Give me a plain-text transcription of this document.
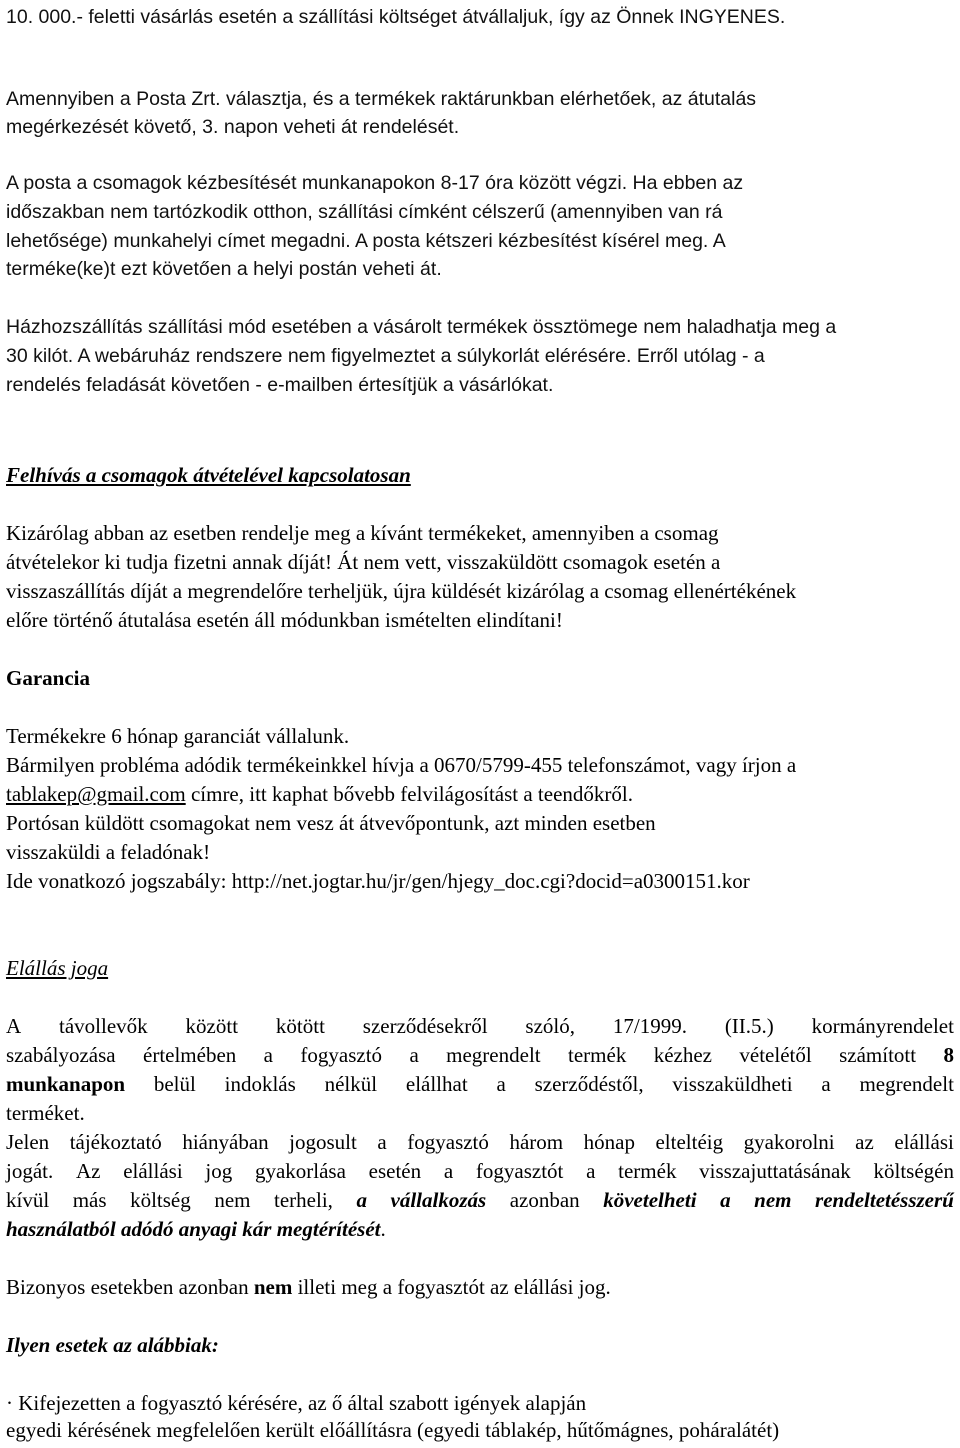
10. 000.- feletti vásárlás esetén a szállítási költséget átvállaljuk, így az Önnek INGYENES.
Amennyiben a Posta Zrt. választja, és a termékek raktárunkban elérhetőek, az átutalás
megérkezését követő, 3. napon veheti át rendelését.
A posta a csomagok kézbesítését munkanapokon 8-17 óra között végzi. Ha ebben az
időszakban nem tartózkodik otthon, szállítási címként célszerű (amennyiben van rá
lehetősége) munkahelyi címet megadni. A posta kétszeri kézbesítést kísérel meg. A
terméke(ke)t ezt követően a helyi postán veheti át.
Házhozszállítás szállítási mód esetében a vásárolt termékek össztömege nem haladhatja meg a
30 kilót. A webáruház rendszere nem figyelmeztet a súlykorlát elérésére. Erről utólag - a
rendelés feladását követően - e-mailben értesítjük a vásárlókat.
Felhívás a csomagok átvételével kapcsolatosan
Kizárólag abban az esetben rendelje meg a kívánt termékeket, amennyiben a csomag
átvételekor ki tudja fizetni annak díját! Át nem vett, visszaküldött csomagok esetén a
visszaszállítás díját a megrendelőre terheljük, újra küldését kizárólag a csomag ellenértékének
előre történő átutalása esetén áll módunkban ismételten elindítani!
Garancia
Termékekre 6 hónap garanciát vállalunk.
Bármilyen probléma adódik termékeinkkel hívja a 0670/5799-455 telefonszámot, vagy írjon a
tablakep@gmail.com címre, itt kaphat bővebb felvilágosítást a teendőkről.
Portósan küldött csomagokat nem vesz át átvevőpontunk, azt minden esetben
visszaküldi a feladónak!
Ide vonatkozó jogszabály: http://net.jogtar.hu/jr/gen/hjegy_doc.cgi?docid=a0300151.kor
Elállás joga
A távollevők között kötött szerződésekről szóló, 17/1999. (II.5.) kormányrendelet
szabályozása értelmében a fogyasztó a megrendelt termék kézhez vételétől számított 8
munkanapon belül indoklás nélkül elállhat a szerződéstől, visszaküldheti a megrendelt
terméket.
Jelen tájékoztató hiányában jogosult a fogyasztó három hónap elteltéig gyakorolni az elállási
jogát. Az elállási jog gyakorlása esetén a fogyasztót a termék visszajuttatásának költségén
kívül más költség nem terheli, a vállalkozás azonban követelheti a nem rendeltetésszerű
használatból adódó anyagi kár megtérítését.
Bizonyos esetekben azonban nem illeti meg a fogyasztót az elállási jog.
Ilyen esetek az alábbiak:
· Kifejezetten a fogyasztó kérésére, az ő által szabott igények alapján
egyedi kérésének megfelelően került előállításra (egyedi táblakép, hűtőmágnes, poháralátét)
